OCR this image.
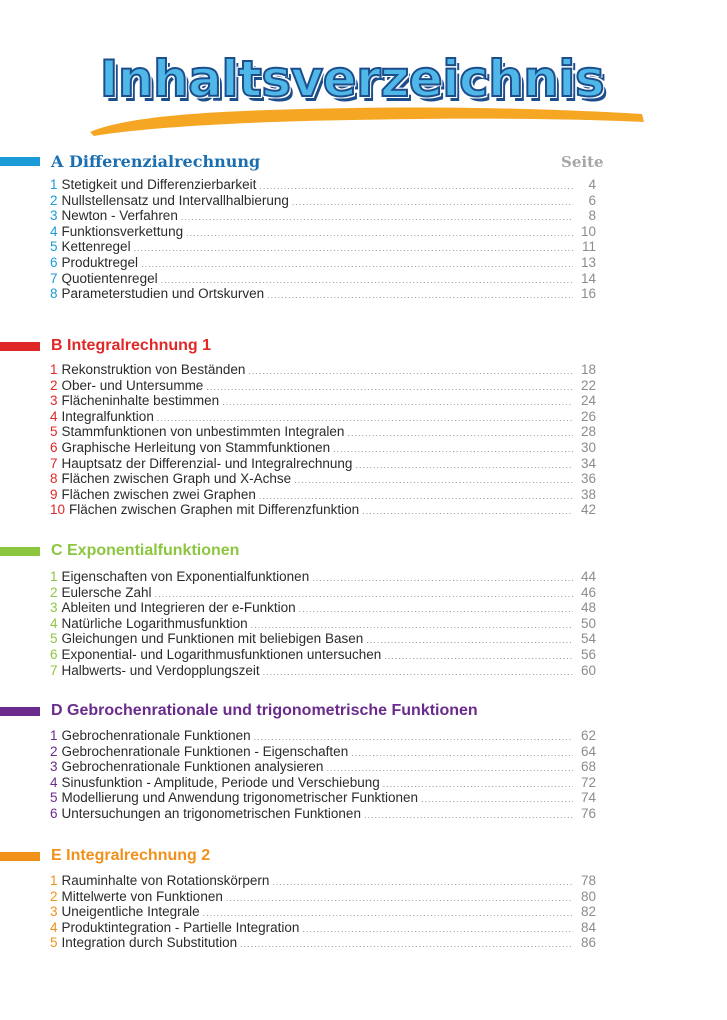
Inhaltsverzeichnis
A Differenzialrechnung	Seite
1 Stetigkeit und Differenzierbarkeit .....	4
2 Nullstellensatz und Intervallhalbierung .....	6
3 Newton - Verfahren .....	8
4 Funktionsverkettung .....	10
5 Kettenregel .....	11
6 Produktregel .....	13
7 Quotientenregel .....	14
8 Parameterstudien und Ortskurven .....	16
B Integralrechnung 1
1 Rekonstruktion von Beständen .....	18
2 Ober- und Untersumme .....	22
3 Flächeninhalte bestimmen .....	24
4 Integralfunktion .....	26
5 Stammfunktionen von unbestimmten Integralen .....	28
6 Graphische Herleitung von Stammfunktionen .....	30
7 Hauptsatz der Differenzial- und Integralrechnung .....	34
8 Flächen zwischen Graph und X-Achse .....	36
9 Flächen zwischen zwei Graphen .....	38
10 Flächen zwischen Graphen mit Differenzfunktion .....	42
C Exponentialfunktionen
1 Eigenschaften von Exponentialfunktionen .....	44
2 Eulersche Zahl .....	46
3 Ableiten und Integrieren der e-Funktion .....	48
4 Natürliche Logarithmusfunktion .....	50
5 Gleichungen und Funktionen mit beliebigen Basen .....	54
6 Exponential- und Logarithmusfunktionen untersuchen .....	56
7 Halbwerts- und Verdopplungszeit .....	60
D Gebrochenrationale und trigonometrische Funktionen
1 Gebrochenrationale Funktionen .....	62
2 Gebrochenrationale Funktionen - Eigenschaften .....	64
3 Gebrochenrationale Funktionen analysieren .....	68
4 Sinusfunktion - Amplitude, Periode und Verschiebung .....	72
5 Modellierung und Anwendung trigonometrischer Funktionen .....	74
6 Untersuchungen an trigonometrischen Funktionen .....	76
E Integralrechnung 2
1 Rauminhalte von Rotationskörpern .....	78
2 Mittelwerte von Funktionen .....	80
3 Uneigentliche Integrale .....	82
4 Produktintegration - Partielle Integration .....	84
5 Integration durch Substitution .....	86
